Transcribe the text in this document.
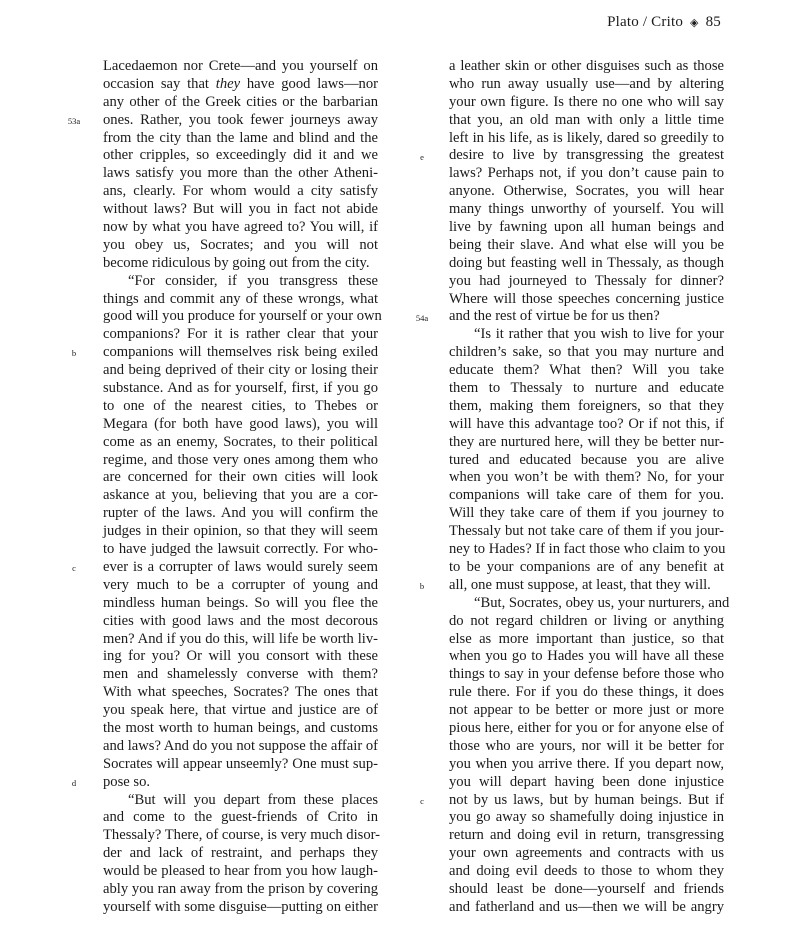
Plato / Crito ◈ 85
Lacedaemon nor Crete—and you yourself on
occasion say that they have good laws—nor
any other of the Greek cities or the barbarian
ones. Rather, you took fewer journeys away
from the city than the lame and blind and the
other cripples, so exceedingly did it and we
laws satisfy you more than the other Atheni-
ans, clearly. For whom would a city satisfy
without laws? But will you in fact not abide
now by what you have agreed to? You will, if
you obey us, Socrates; and you will not
become ridiculous by going out from the city.
“For consider, if you transgress these
things and commit any of these wrongs, what
good will you produce for yourself or your own
companions? For it is rather clear that your
companions will themselves risk being exiled
and being deprived of their city or losing their
substance. And as for yourself, first, if you go
to one of the nearest cities, to Thebes or
Megara (for both have good laws), you will
come as an enemy, Socrates, to their political
regime, and those very ones among them who
are concerned for their own cities will look
askance at you, believing that you are a cor-
rupter of the laws. And you will confirm the
judges in their opinion, so that they will seem
to have judged the lawsuit correctly. For who-
ever is a corrupter of laws would surely seem
very much to be a corrupter of young and
mindless human beings. So will you flee the
cities with good laws and the most decorous
men? And if you do this, will life be worth liv-
ing for you? Or will you consort with these
men and shamelessly converse with them?
With what speeches, Socrates? The ones that
you speak here, that virtue and justice are of
the most worth to human beings, and customs
and laws? And do you not suppose the affair of
Socrates will appear unseemly? One must sup-
pose so.
“But will you depart from these places
and come to the guest-friends of Crito in
Thessaly? There, of course, is very much disor-
der and lack of restraint, and perhaps they
would be pleased to hear from you how laugh-
ably you ran away from the prison by covering
yourself with some disguise—putting on either
a leather skin or other disguises such as those
who run away usually use—and by altering
your own figure. Is there no one who will say
that you, an old man with only a little time
left in his life, as is likely, dared so greedily to
desire to live by transgressing the greatest
laws? Perhaps not, if you don’t cause pain to
anyone. Otherwise, Socrates, you will hear
many things unworthy of yourself. You will
live by fawning upon all human beings and
being their slave. And what else will you be
doing but feasting well in Thessaly, as though
you had journeyed to Thessaly for dinner?
Where will those speeches concerning justice
and the rest of virtue be for us then?
“Is it rather that you wish to live for your
children’s sake, so that you may nurture and
educate them? What then? Will you take
them to Thessaly to nurture and educate
them, making them foreigners, so that they
will have this advantage too? Or if not this, if
they are nurtured here, will they be better nur-
tured and educated because you are alive
when you won’t be with them? No, for your
companions will take care of them for you.
Will they take care of them if you journey to
Thessaly but not take care of them if you jour-
ney to Hades? If in fact those who claim to you
to be your companions are of any benefit at
all, one must suppose, at least, that they will.
“But, Socrates, obey us, your nurturers, and
do not regard children or living or anything
else as more important than justice, so that
when you go to Hades you will have all these
things to say in your defense before those who
rule there. For if you do these things, it does
not appear to be better or more just or more
pious here, either for you or for anyone else of
those who are yours, nor will it be better for
you when you arrive there. If you depart now,
you will depart having been done injustice
not by us laws, but by human beings. But if
you go away so shamefully doing injustice in
return and doing evil in return, transgressing
your own agreements and contracts with us
and doing evil deeds to those to whom they
should least be done—yourself and friends
and fatherland and us—then we will be angry
53a
b
c
d
e
54a
b
c
